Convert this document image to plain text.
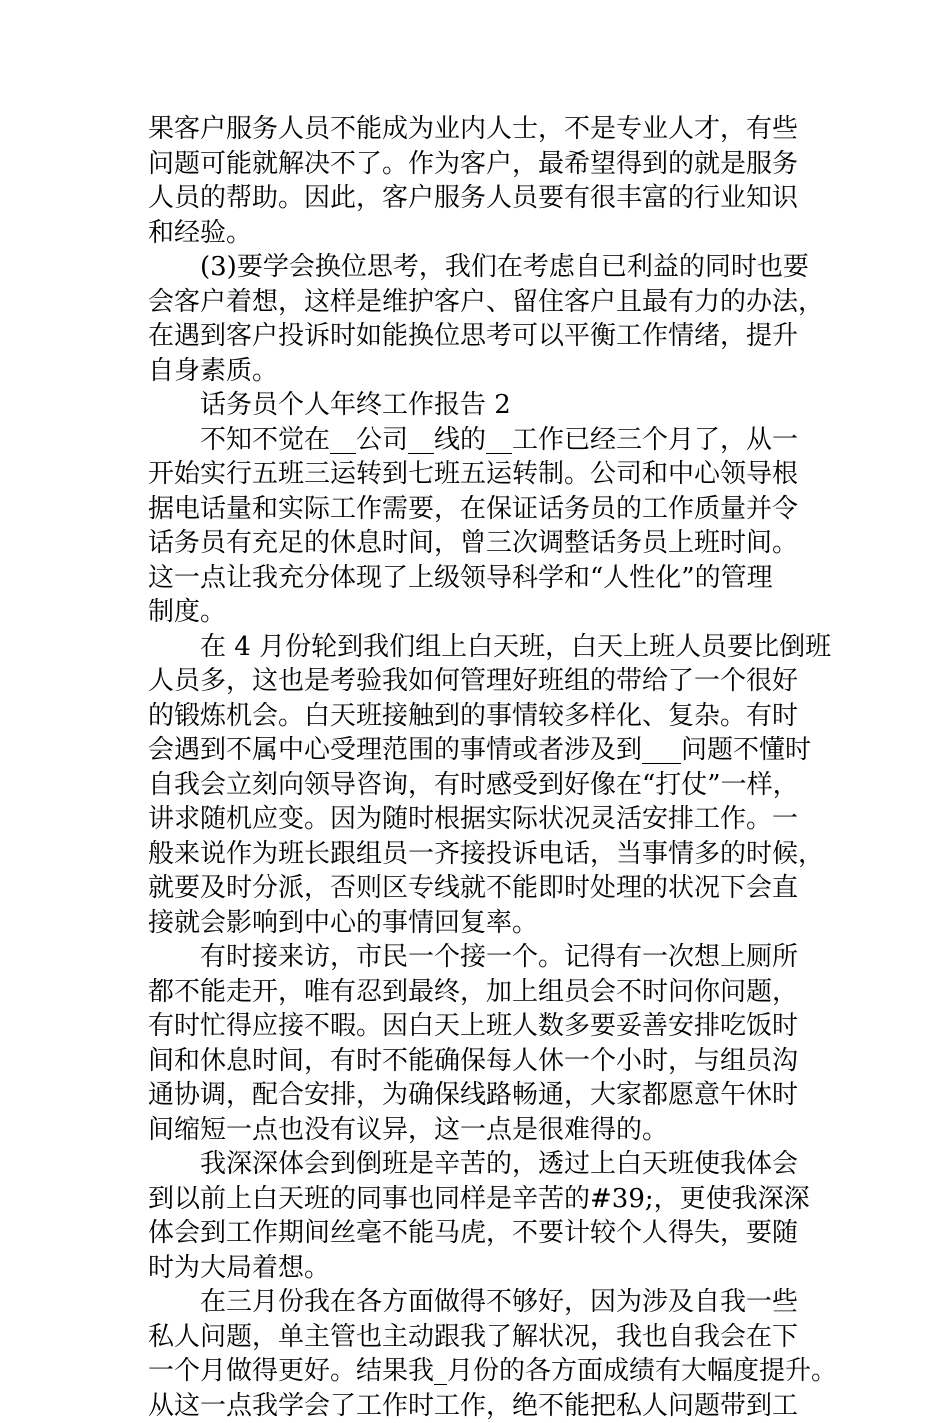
果客户服务人员不能成为业内人士，不是专业人才，有些
问题可能就解决不了。作为客户，最希望得到的就是服务
人员的帮助。因此，客户服务人员要有很丰富的行业知识
和经验。
(3)要学会换位思考，我们在考虑自已利益的同时也要
会客户着想，这样是维护客户、留住客户且最有力的办法，
在遇到客户投诉时如能换位思考可以平衡工作情绪，提升
自身素质。
话务员个人年终工作报告 2
不知不觉在__公司__线的__工作已经三个月了，从一
开始实行五班三运转到七班五运转制。公司和中心领导根
据电话量和实际工作需要，在保证话务员的工作质量并令
话务员有充足的休息时间，曾三次调整话务员上班时间。
这一点让我充分体现了上级领导科学和“人性化”的管理
制度。
在 4 月份轮到我们组上白天班，白天上班人员要比倒班
人员多，这也是考验我如何管理好班组的带给了一个很好
的锻炼机会。白天班接触到的事情较多样化、复杂。有时
会遇到不属中心受理范围的事情或者涉及到___问题不懂时
自我会立刻向领导咨询，有时感受到好像在“打仗”一样，
讲求随机应变。因为随时根据实际状况灵活安排工作。一
般来说作为班长跟组员一齐接投诉电话，当事情多的时候，
就要及时分派，否则区专线就不能即时处理的状况下会直
接就会影响到中心的事情回复率。
有时接来访，市民一个接一个。记得有一次想上厕所
都不能走开，唯有忍到最终，加上组员会不时问你问题，
有时忙得应接不暇。因白天上班人数多要妥善安排吃饭时
间和休息时间，有时不能确保每人休一个小时，与组员沟
通协调，配合安排，为确保线路畅通，大家都愿意午休时
间缩短一点也没有议异，这一点是很难得的。
我深深体会到倒班是辛苦的，透过上白天班使我体会
到以前上白天班的同事也同样是辛苦的#39;，更使我深深
体会到工作期间丝毫不能马虎，不要计较个人得失，要随
时为大局着想。
在三月份我在各方面做得不够好，因为涉及自我一些
私人问题，单主管也主动跟我了解状况，我也自我会在下
一个月做得更好。结果我_月份的各方面成绩有大幅度提升。
从这一点我学会了工作时工作，绝不能把私人问题带到工
